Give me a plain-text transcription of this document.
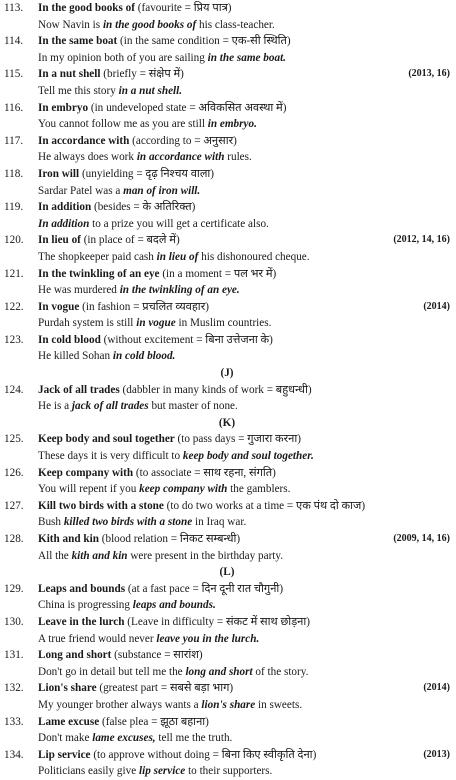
113. In the good books of (favourite = प्रिय पात्र)
Now Navin is in the good books of his class-teacher.
114. In the same boat (in the same condition = एक-सी स्थिति)
In my opinion both of you are sailing in the same boat.
115. In a nut shell (briefly = संक्षेप में)	(2013, 16)
Tell me this story in a nut shell.
116. In embryo (in undeveloped state = अविकसित अवस्था में)
You cannot follow me as you are still in embryo.
117. In accordance with (according to = अनुसार)
He always does work in accordance with rules.
118. Iron will (unyielding = दृढ़ निश्चय वाला)
Sardar Patel was a man of iron will.
119. In addition (besides = के अतिरिक्त)
In addition to a prize you will get a certificate also.
120. In lieu of (in place of = बदले में)	(2012, 14, 16)
The shopkeeper paid cash in lieu of his dishonoured cheque.
121. In the twinkling of an eye (in a moment = पल भर में)
He was murdered in the twinkling of an eye.
122. In vogue (in fashion = प्रचलित व्यवहार)	(2014)
Purdah system is still in vogue in Muslim countries.
123. In cold blood (without excitement = बिना उत्तेजना के)
He killed Sohan in cold blood.
(J)
124. Jack of all trades (dabbler in many kinds of work = बहुधन्धी)
He is a jack of all trades but master of none.
(K)
125. Keep body and soul together (to pass days = गुजारा करना)
These days it is very difficult to keep body and soul together.
126. Keep company with (to associate = साथ रहना, संगति)
You will repent if you keep company with the gamblers.
127. Kill two birds with a stone (to do two works at a time = एक पंथ दो काज)
Bush killed two birds with a stone in Iraq war.
128. Kith and kin (blood relation = निकट सम्बन्धी)	(2009, 14, 16)
All the kith and kin were present in the birthday party.
(L)
129. Leaps and bounds (at a fast pace = दिन दूनी रात चौगुनी)
China is progressing leaps and bounds.
130. Leave in the lurch (Leave in difficulty = संकट में साथ छोड़ना)
A true friend would never leave you in the lurch.
131. Long and short (substance = सारांश)
Don't go in detail but tell me the long and short of the story.
132. Lion's share (greatest part = सबसे बड़ा भाग)	(2014)
My younger brother always wants a lion's share in sweets.
133. Lame excuse (false plea = झूठा बहाना)
Don't make lame excuses, tell me the truth.
134. Lip service (to approve without doing = बिना किए स्वीकृति देना)	(2013)
Politicians easily give lip service to their supporters.
